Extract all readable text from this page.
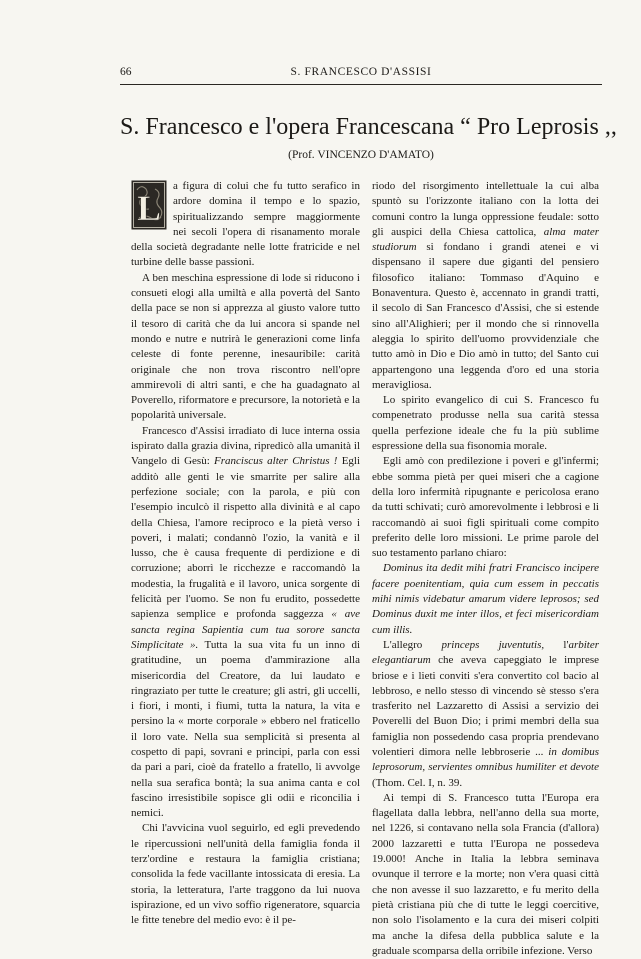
66	S. FRANCESCO D'ASSISI
S. Francesco e l'opera Francescana “ Pro Leprosis ,,
(Prof. VINCENZO D'AMATO)
L

a figura di colui che fu tutto serafico in ardore domina il tempo e lo spazio, spiritualizzando sempre maggiormente nei secoli l'opera di risanamento morale della società degradante nelle lotte fratricide e nel turbine delle basse passioni.

A ben meschina espressione di lode si riducono i consueti elogi alla umiltà e alla povertà del Santo della pace se non si apprezza al giusto valore tutto il tesoro di carità che da lui ancora si spande nel mondo e nutre e nutrirà le generazioni come linfa celeste di fonte perenne, inesauribile: carità originale che non trova riscontro nell'opre ammirevoli di altri santi, e che ha guadagnato al Poverello, riformatore e precursore, la notorietà e la popolarità universale.

Francesco d'Assisi irradiato di luce interna ossia ispirato dalla grazia divina, ripredicò alla umanità il Vangelo di Gesù: Franciscus alter Christus ! Egli additò alle genti le vie smarrite per salire alla perfezione sociale; con la parola, e più con l'esempio inculcò il rispetto alla divinità e al capo della Chiesa, l'amore reciproco e la pietà verso i poveri, i malati; condannò l'ozio, la vanità e il lusso, che è causa frequente di perdizione e di corruzione; aborrì le ricchezze e raccomandò la modestia, la frugalità e il lavoro, unica sorgente di felicità per l'uomo. Se non fu erudito, possedette sapienza semplice e profonda saggezza « ave sancta regina Sapientia cum tua sorore sancta Simplicitate ». Tutta la sua vita fu un inno di gratitudine, un poema d'ammirazione alla misericordia del Creatore, da lui laudato e ringraziato per tutte le creature; gli astri, gli uccelli, i fiori, i monti, i fiumi, tutta la natura, la vita e persino la « morte corporale » ebbero nel fraticello il loro vate. Nella sua semplicità si presenta al cospetto di papi, sovrani e principi, parla con essi da pari a pari, cioè da fratello a fratello, li avvolge nella sua serafica bontà; la sua anima canta e col fascino irresistibile sopisce gli odii e riconcilia i nemici.

Chi l'avvicina vuol seguirlo, ed egli prevedendo le ripercussioni nell'unità della famiglia fonda il terz'ordine e restaura la famiglia cristiana; consolida la fede vacillante intossicata di eresia. La storia, la letteratura, l'arte traggono da lui nuova ispirazione, ed un vivo soffio rigeneratore, squarcia le fitte tenebre del medio evo: è il pe-

riodo del risorgimento intellettuale la cui alba spuntò su l'orizzonte italiano con la lotta dei comuni contro la lunga oppressione feudale: sotto gli auspici della Chiesa cattolica, alma mater studiorum si fondano i grandi atenei e vi dispensano il sapere due giganti del pensiero filosofico italiano: Tommaso d'Aquino e Bonaventura. Questo è, accennato in grandi tratti, il secolo di San Francesco d'Assisi, che si estende sino all'Alighieri; per il mondo che si rinnovella aleggia lo spirito dell'uomo provvidenziale che tutto amò in Dio e Dio amò in tutto; del Santo cui appartengono una leggenda d'oro ed una storia meravigliosa.

Lo spirito evangelico di cui S. Francesco fu compenetrato produsse nella sua carità stessa quella perfezione ideale che fu la più sublime espressione della sua fisonomia morale.

Egli amò con predilezione i poveri e gl'infermi; ebbe somma pietà per quei miseri che a cagione della loro infermità ripugnante e pericolosa erano da tutti schivati; curò amorevolmente i lebbrosi e li raccomandò ai suoi figli spirituali come compito preferito delle loro missioni. Le prime parole del suo testamento parlano chiaro:

Dominus ita dedit mihi fratri Francisco incipere facere poenitentiam, quia cum essem in peccatis mihi nimis videbatur amarum videre leprosos; sed Dominus duxit me inter illos, et feci misericordiam cum illis.

L'allegro princeps juventutis, l'arbiter elegantiarum che aveva capeggiato le imprese briose e i lieti conviti s'era convertito col bacio al lebbroso, e nello stesso dì vincendo sè stesso s'era trasferito nel Lazzaretto di Assisi a servizio dei Poverelli del Buon Dio; i primi membri della sua famiglia non possedendo casa propria prendevano volentieri dimora nelle lebbroserie ... in domibus leprosorum, servientes omnibus humiliter et devote (Thom. Cel. I, n. 39.

Ai tempi di S. Francesco tutta l'Europa era flagellata dalla lebbra, nell'anno della sua morte, nel 1226, si contavano nella sola Francia (d'allora) 2000 lazzaretti e tutta l'Europa ne possedeva 19.000! Anche in Italia la lebbra seminava ovunque il terrore e la morte; non v'era quasi città che non avesse il suo lazzaretto, e fu merito della pietà cristiana più che di tutte le leggi coercitive, non solo l'isolamento e la cura dei miseri colpiti ma anche la difesa della pubblica salute e la graduale scomparsa della orribile infezione. Verso
